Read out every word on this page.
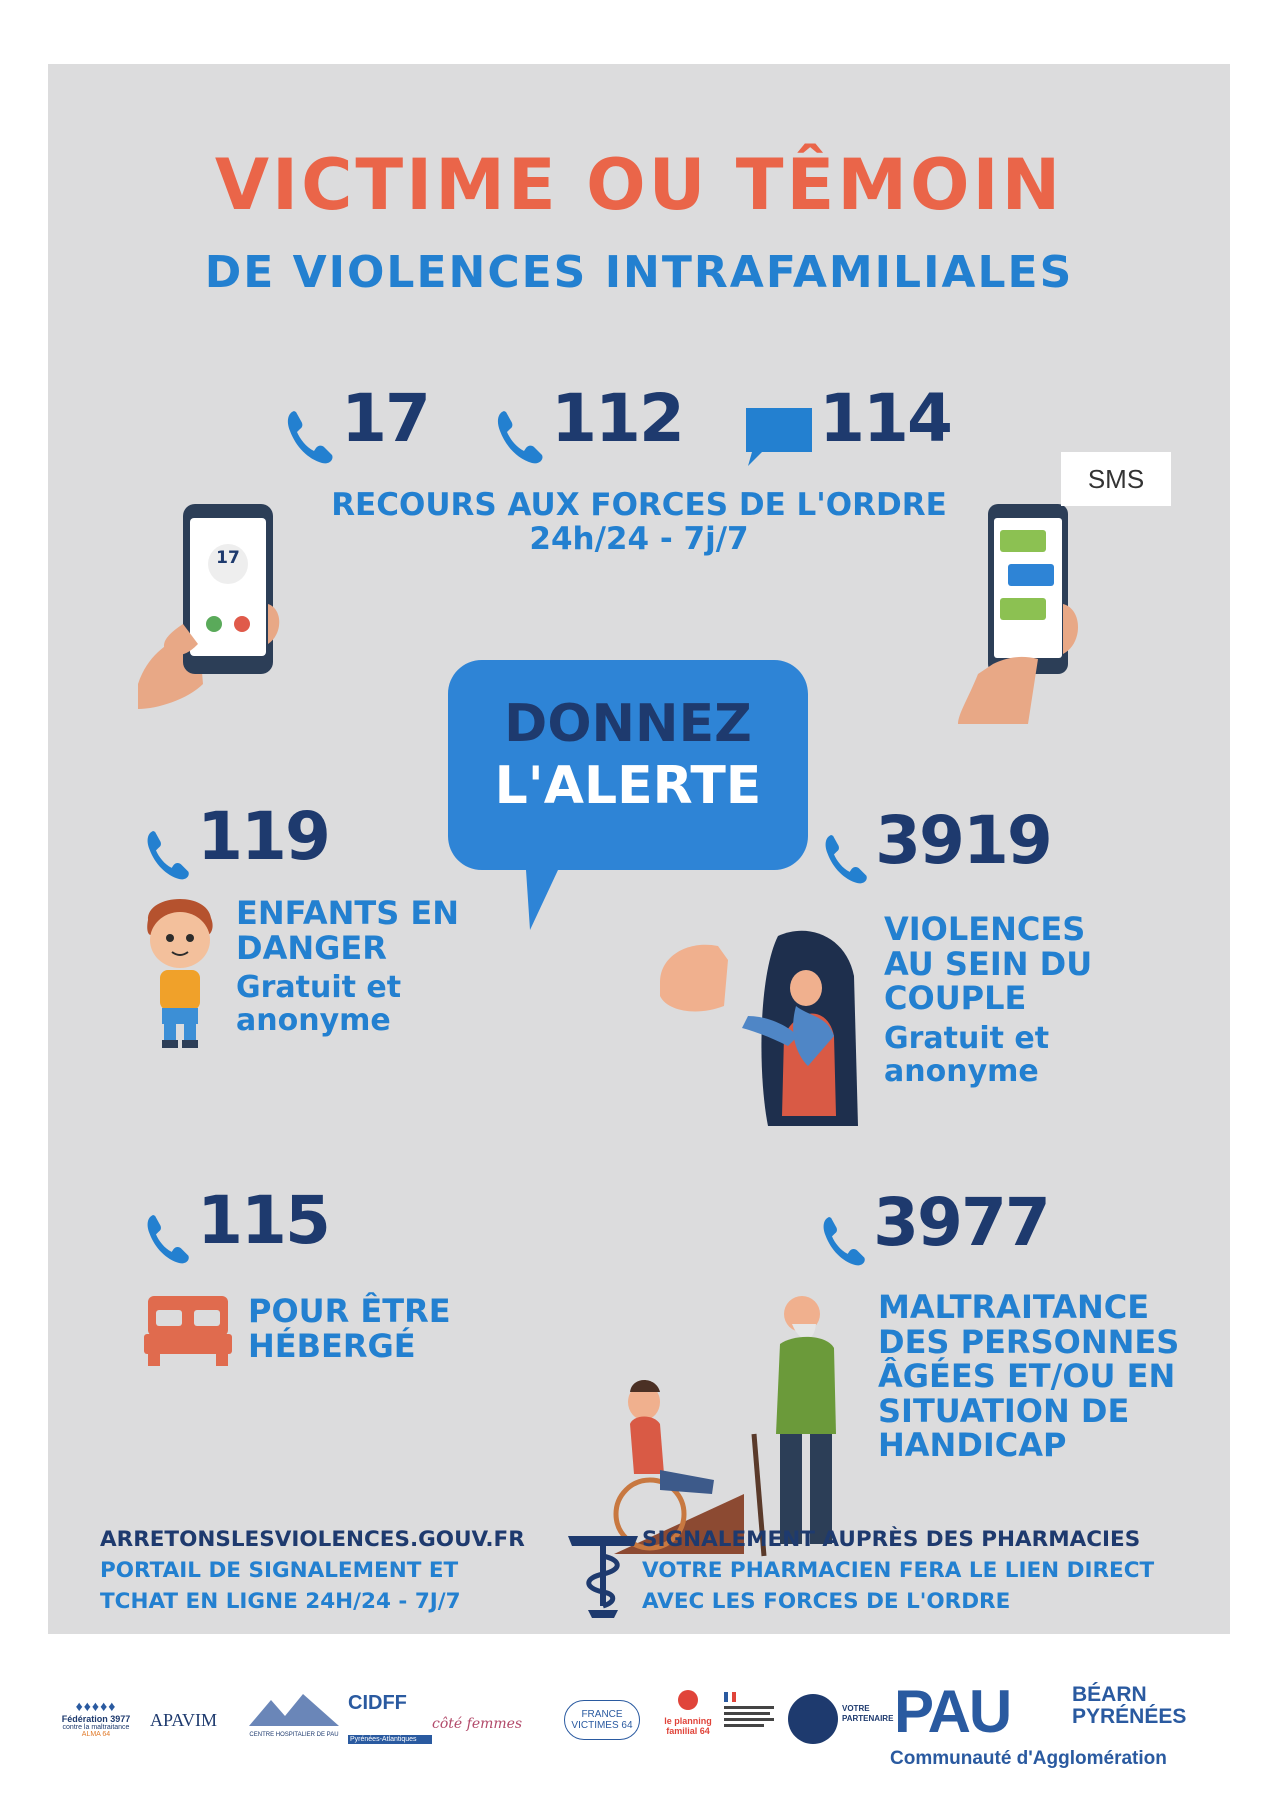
VICTIME OU TÊMOIN
DE VIOLENCES INTRAFAMILIALES
17	112	114
RECOURS AUX FORCES DE L'ORDRE
24h/24 - 7j/7
17
SMS
DONNEZ
L'ALERTE
119
ENFANTS EN
DANGER
Gratuit et
anonyme
3919
VIOLENCES
AU SEIN DU
COUPLE
Gratuit et
anonyme
115
POUR ÊTRE
HÉBERGÉ
3977
MALTRAITANCE
DES PERSONNES
ÂGÉES ET/OU EN
SITUATION DE
HANDICAP
ARRETONSLESVIOLENCES.GOUV.FR
PORTAIL DE SIGNALEMENT ET
TCHAT EN LIGNE 24H/24 - 7J/7
SIGNALEMENT AUPRÈS DES PHARMACIES
VOTRE PHARMACIEN FERA LE LIEN DIRECT
AVEC LES FORCES DE L'ORDRE
♦♦♦♦♦
Fédération 3977
contre la maltraitance
ALMA 64
APAVIM
CENTRE HOSPITALIER DE PAU
CIDFF
Pyrénées-Atlantiques
côté femmes
FRANCE VICTIMES 64	le planning familial 64
VOTRE PARTENAIRE PAU	BÉARN
PYRÉNÉES
Communauté d'Agglomération
